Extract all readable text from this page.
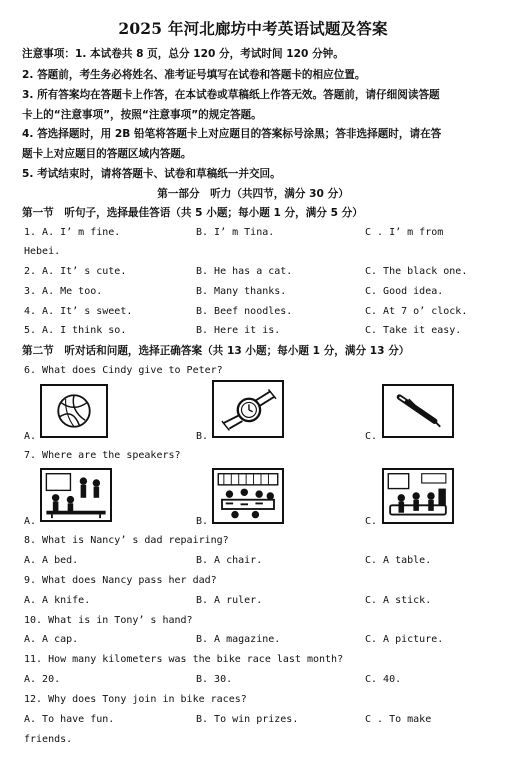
2025 年河北廊坊中考英语试题及答案
注意事项：1. 本试卷共 8 页，总分 120 分，考试时间 120 分钟。
2. 答题前，考生务必将姓名、准考证号填写在试卷和答题卡的相应位置。
3. 所有答案均在答题卡上作答，在本试卷或草稿纸上作答无效。答题前，请仔细阅读答题
卡上的“注意事项”，按照“注意事项”的规定答题。
4. 答选择题时，用 2B 铅笔将答题卡上对应题目的答案标号涂黑；答非选择题时，请在答
题卡上对应题目的答题区域内答题。
5. 考试结束时，请将答题卡、试卷和草稿纸一并交回。
第一部分　听力（共四节，满分 30 分）
第一节　听句子，选择最佳答语（共 5 小题；每小题 1 分，满分 5 分）
1. A. I’ m fine.	B. I’ m Tina.	C . I’ m from
Hebei.
2. A. It’ s cute.	B. He has a cat.	C. The black one.
3. A. Me too.	B. Many thanks.	C. Good idea.
4. A. It’ s sweet.	B. Beef noodles.	C. At 7 o’ clock.
5. A. I think so.	B. Here it is.	C. Take it easy.
第二节　听对话和问题，选择正确答案（共 13 小题；每小题 1 分，满分 13 分）
6. What does Cindy give to Peter?
A.	B.	C.
7. Where are the speakers?
A.	B.	C.
8. What is Nancy’ s dad repairing?
A. A bed.	B. A chair.	C. A table.
9. What does Nancy pass her dad?
A. A knife.	B. A ruler.	C. A stick.
10. What is in Tony’ s hand?
A. A cap.	B. A magazine.	C. A picture.
11. How many kilometers was the bike race last month?
A. 20.	B. 30.	C. 40.
12. Why does Tony join in bike races?
A. To have fun.	B. To win prizes.	C . To make
friends.
